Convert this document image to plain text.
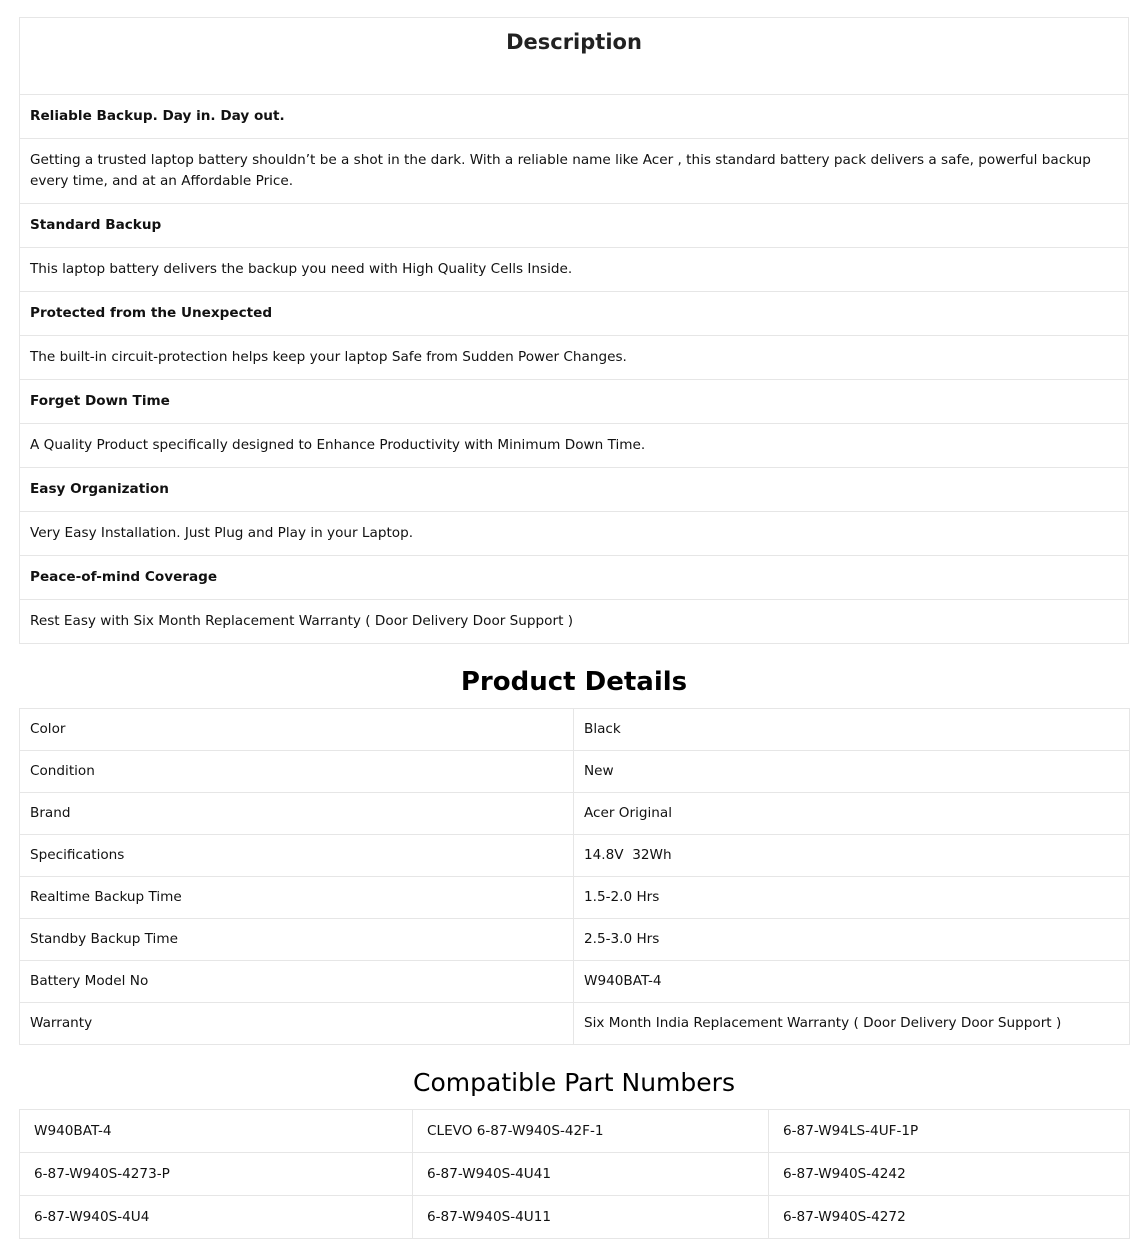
Description
Reliable Backup. Day in. Day out.
Getting a trusted laptop battery shouldn’t be a shot in the dark. With a reliable name like Acer , this standard battery pack delivers a safe, powerful backup every time, and at an Affordable Price.
Standard Backup
This laptop battery delivers the backup you need with High Quality Cells Inside.
Protected from the Unexpected
The built-in circuit-protection helps keep your laptop Safe from Sudden Power Changes.
Forget Down Time
A Quality Product specifically designed to Enhance Productivity with Minimum Down Time.
Easy Organization
Very Easy Installation. Just Plug and Play in your Laptop.
Peace-of-mind Coverage
Rest Easy with Six Month Replacement Warranty ( Door Delivery Door Support )
Product Details
Color	Black
Condition	New
Brand	Acer Original
Specifications	14.8V  32Wh
Realtime Backup Time	1.5-2.0 Hrs
Standby Backup Time	2.5-3.0 Hrs
Battery Model No	W940BAT-4
Warranty	Six Month India Replacement Warranty ( Door Delivery Door Support )
Compatible Part Numbers
W940BAT-4	CLEVO 6-87-W940S-42F-1	6-87-W94LS-4UF-1P
6-87-W940S-4273-P	6-87-W940S-4U41	6-87-W940S-4242
6-87-W940S-4U4	6-87-W940S-4U11	6-87-W940S-4272
